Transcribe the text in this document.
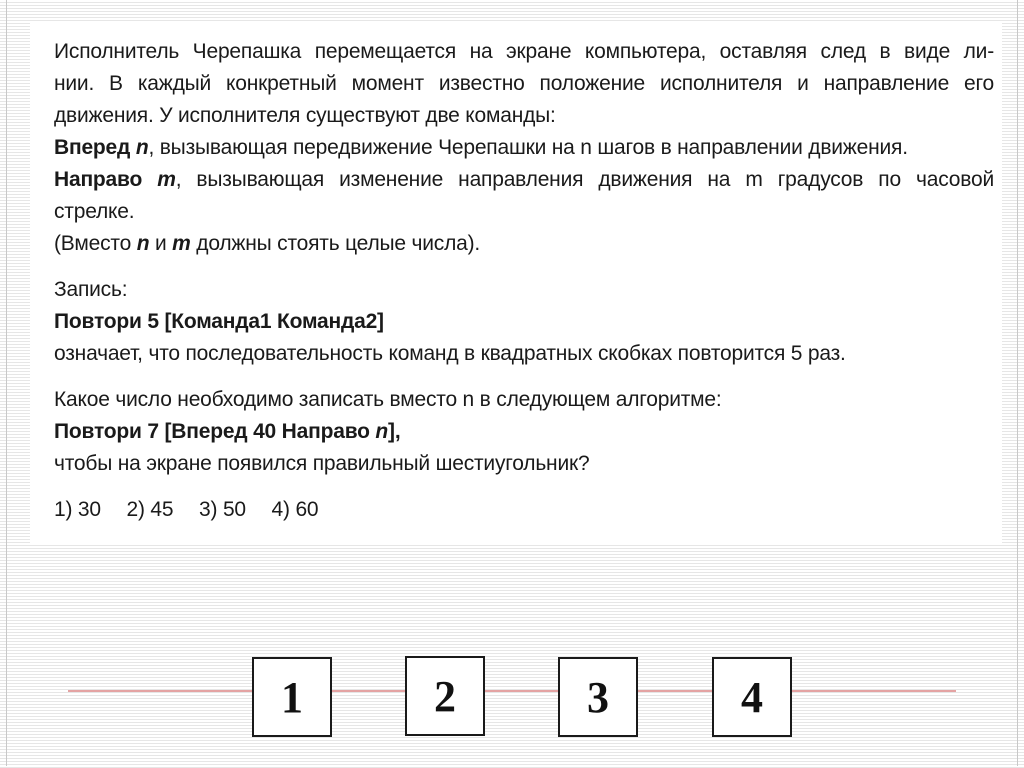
Исполнитель Черепашка перемещается на экране компьютера, оставляя след в виде ли-

нии. В каждый конкретный момент известно положение исполнителя и направление его

движения. У исполнителя существуют две команды:

Вперед n, вызывающая передвижение Черепашки на n шагов в направлении движения.

Направо m, вызывающая изменение направления движения на m градусов по часовой

стрелке.

(Вместо n и m должны стоять целые числа).

Запись:

Повтори 5 [Команда1 Команда2]

означает, что последовательность команд в квадратных скобках повторится 5 раз.

Какое число необходимо записать вместо n в следующем алгоритме:

Повтори 7 [Вперед 40 Направо n],

чтобы на экране появился правильный шестиугольник?

1) 30 2) 45 3) 50 4) 60

1	2	3	4
